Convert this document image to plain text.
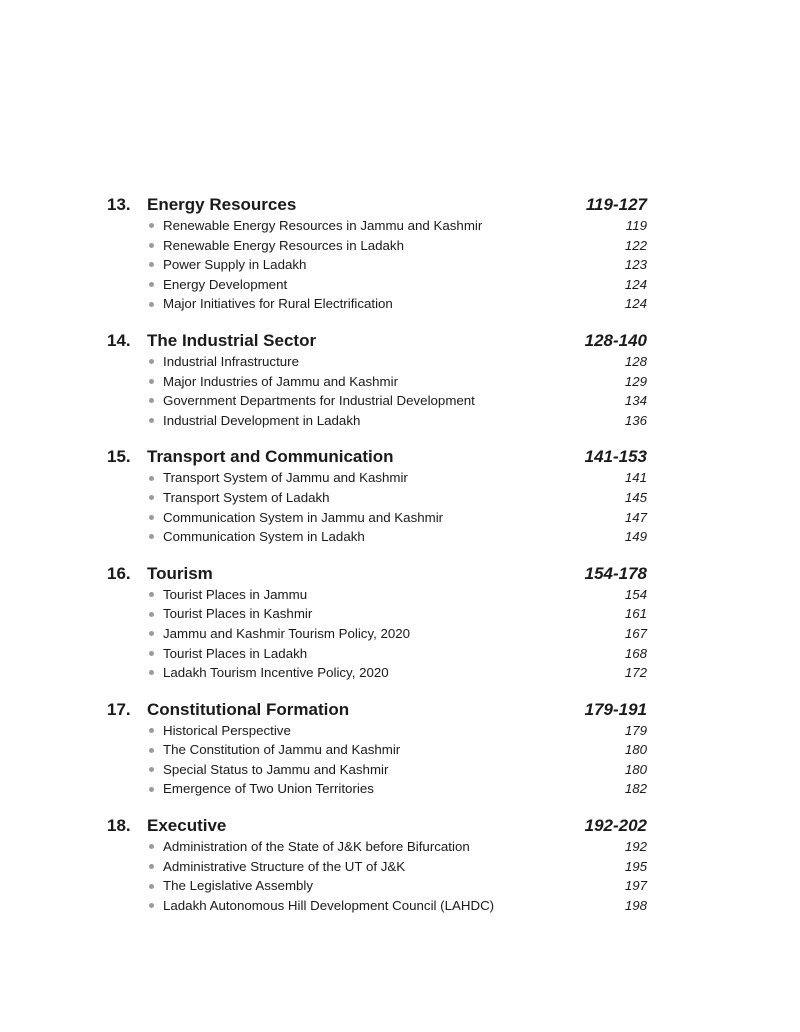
13. Energy Resources	119-127
Renewable Energy Resources in Jammu and Kashmir	119
Renewable Energy Resources in Ladakh	122
Power Supply in Ladakh	123
Energy Development	124
Major Initiatives for Rural Electrification	124
14. The Industrial Sector	128-140
Industrial Infrastructure	128
Major Industries of Jammu and Kashmir	129
Government Departments for Industrial Development	134
Industrial Development in Ladakh	136
15. Transport and Communication	141-153
Transport System of Jammu and Kashmir	141
Transport System of Ladakh	145
Communication System in Jammu and Kashmir	147
Communication System in Ladakh	149
16. Tourism	154-178
Tourist Places in Jammu	154
Tourist Places in Kashmir	161
Jammu and Kashmir Tourism Policy, 2020	167
Tourist Places in Ladakh	168
Ladakh Tourism Incentive Policy, 2020	172
17. Constitutional Formation	179-191
Historical Perspective	179
The Constitution of Jammu and Kashmir	180
Special Status to Jammu and Kashmir	180
Emergence of Two Union Territories	182
18. Executive	192-202
Administration of the State of J&K before Bifurcation	192
Administrative Structure of the UT of J&K	195
The Legislative Assembly	197
Ladakh Autonomous Hill Development Council (LAHDC)	198
